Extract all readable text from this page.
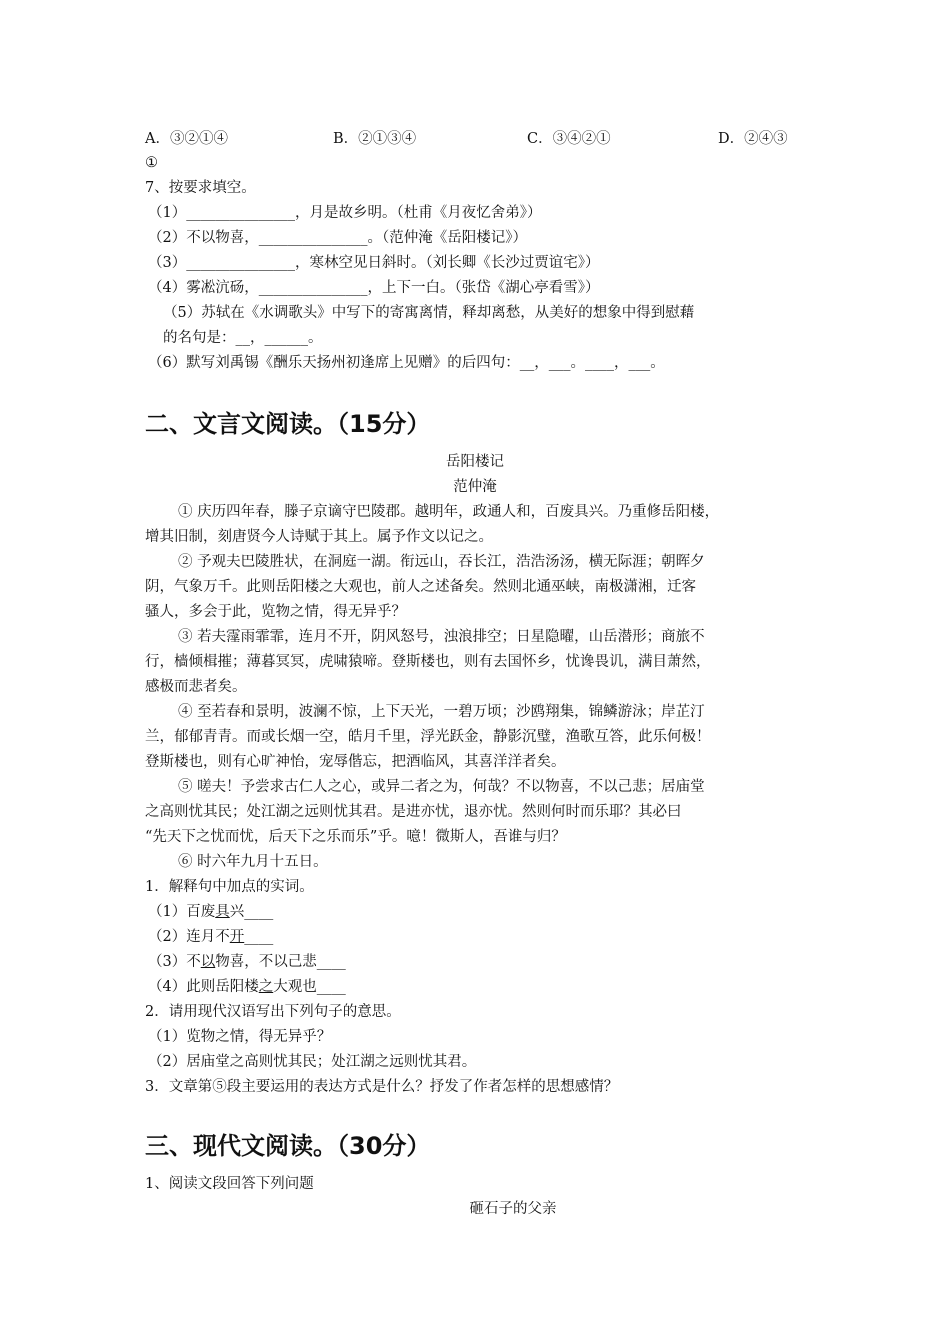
A．③②①④	B．②①③④	C．③④②①	D．②④③
①
7、按要求填空。
（1）_______________，月是故乡明。（杜甫《月夜忆舍弟》）
（2）不以物喜，_______________。（范仲淹《岳阳楼记》）
（3）_______________，寒林空见日斜时。（刘长卿《长沙过贾谊宅》）
（4）雾凇沆砀，_______________，上下一白。（张岱《湖心亭看雪》）
（5）苏轼在《水调歌头》中写下的寄寓离情，释却离愁，从美好的想象中得到慰藉
的名句是：__，______。
（6）默写刘禹锡《酬乐天扬州初逢席上见赠》的后四句：__，___。____，___。
二、文言文阅读。（15分）
岳阳楼记
范仲淹
① 庆历四年春，滕子京谪守巴陵郡。越明年，政通人和，百废具兴。乃重修岳阳楼，
增其旧制，刻唐贤今人诗赋于其上。属予作文以记之。
② 予观夫巴陵胜状，在洞庭一湖。衔远山，吞长江，浩浩汤汤，横无际涯；朝晖夕
阴，气象万千。此则岳阳楼之大观也，前人之述备矣。然则北通巫峡，南极潇湘，迁客
骚人，多会于此，览物之情，得无异乎？
③ 若夫霪雨霏霏，连月不开，阴风怒号，浊浪排空；日星隐曜，山岳潜形；商旅不
行，樯倾楫摧；薄暮冥冥，虎啸猿啼。登斯楼也，则有去国怀乡，忧谗畏讥，满目萧然，
感极而悲者矣。
④ 至若春和景明，波澜不惊，上下天光，一碧万顷；沙鸥翔集，锦鳞游泳；岸芷汀
兰，郁郁青青。而或长烟一空，皓月千里，浮光跃金，静影沉璧，渔歌互答，此乐何极！
登斯楼也，则有心旷神怡，宠辱偕忘，把酒临风，其喜洋洋者矣。
⑤ 嗟夫！予尝求古仁人之心，或异二者之为，何哉？不以物喜，不以己悲；居庙堂
之高则忧其民；处江湖之远则忧其君。是进亦忧，退亦忧。然则何时而乐耶？其必曰
“先天下之忧而忧，后天下之乐而乐”乎。噫！微斯人，吾谁与归？
⑥ 时六年九月十五日。
1．解释句中加点的实词。
（1）百废具兴____
（2）连月不开____
（3）不以物喜，不以己悲____
（4）此则岳阳楼之大观也____
2．请用现代汉语写出下列句子的意思。
（1）览物之情，得无异乎？
（2）居庙堂之高则忧其民；处江湖之远则忧其君。
3．文章第⑤段主要运用的表达方式是什么？抒发了作者怎样的思想感情？
三、现代文阅读。（30分）
1、阅读文段回答下列问题
砸石子的父亲
